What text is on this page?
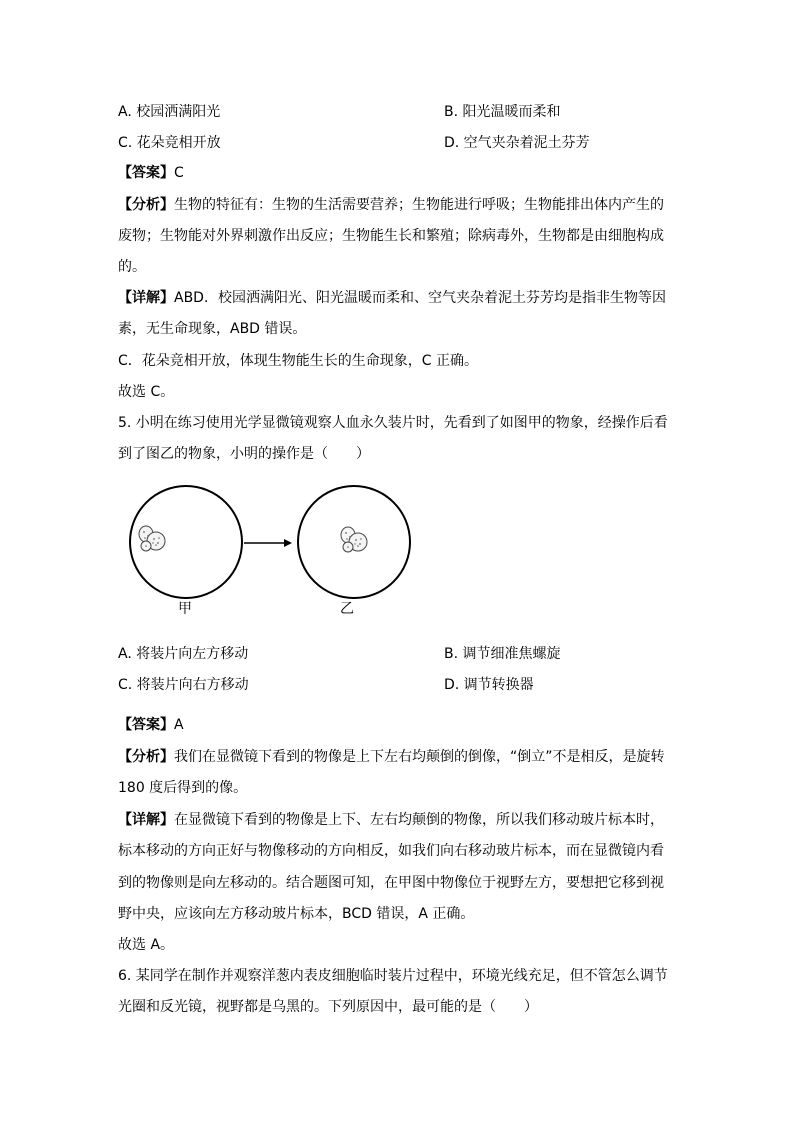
A. 校园洒满阳光	B. 阳光温暖而柔和
C. 花朵竞相开放	D. 空气夹杂着泥土芬芳
【答案】C
【分析】生物的特征有：生物的生活需要营养；生物能进行呼吸；生物能排出体内产生的
废物；生物能对外界刺激作出反应；生物能生长和繁殖；除病毒外，生物都是由细胞构成
的。
【详解】ABD．校园洒满阳光、阳光温暖而柔和、空气夹杂着泥土芬芳均是指非生物等因
素，无生命现象，ABD 错误。
C．花朵竞相开放，体现生物能生长的生命现象，C 正确。
故选 C。
5. 小明在练习使用光学显微镜观察人血永久装片时，先看到了如图甲的物象，经操作后看
到了图乙的物象，小明的操作是（　　）
甲	乙
A. 将装片向左方移动	B. 调节细准焦螺旋
C. 将装片向右方移动	D. 调节转换器
【答案】A
【分析】我们在显微镜下看到的物像是上下左右均颠倒的倒像，“倒立”不是相反，是旋转
180 度后得到的像。
【详解】在显微镜下看到的物像是上下、左右均颠倒的物像，所以我们移动玻片标本时，
标本移动的方向正好与物像移动的方向相反，如我们向右移动玻片标本，而在显微镜内看
到的物像则是向左移动的。结合题图可知，在甲图中物像位于视野左方，要想把它移到视
野中央，应该向左方移动玻片标本，BCD 错误，A 正确。
故选 A。
6. 某同学在制作并观察洋葱内表皮细胞临时装片过程中，环境光线充足，但不管怎么调节
光圈和反光镜，视野都是乌黑的。下列原因中，最可能的是（　　）
